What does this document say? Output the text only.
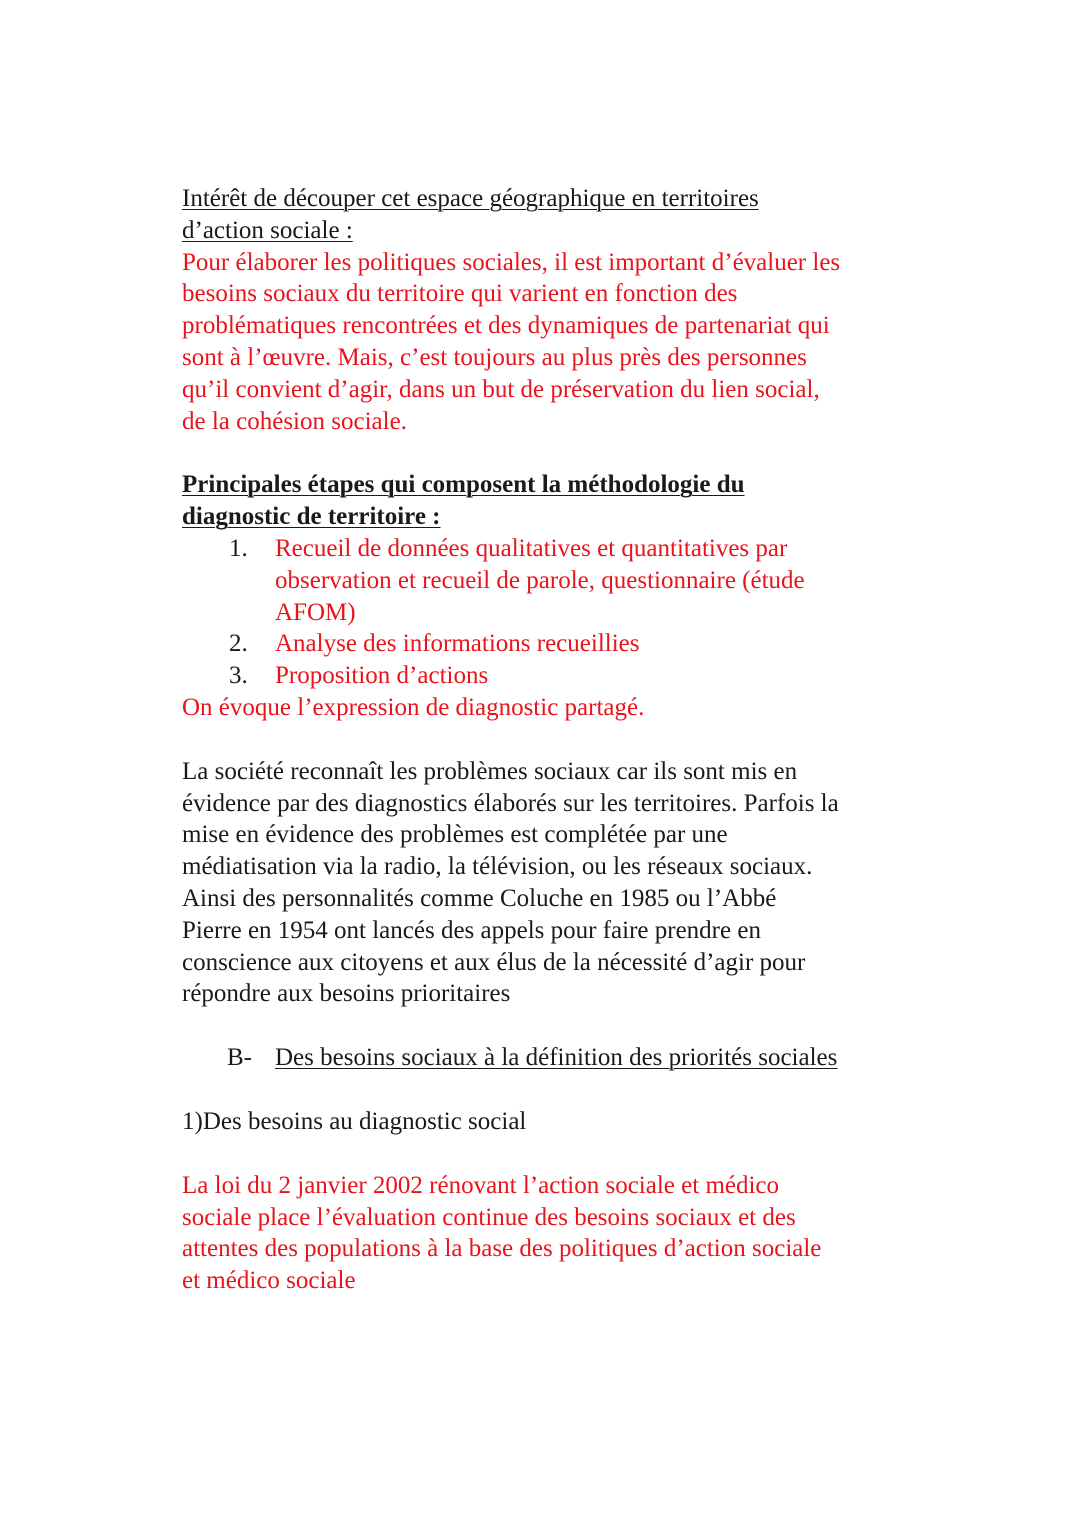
Intérêt de découper cet espace géographique en territoires
d’action sociale :

Pour élaborer les politiques sociales, il est important d’évaluer les
besoins sociaux du territoire qui varient en fonction des
problématiques rencontrées et des dynamiques de partenariat qui
sont à l’œuvre. Mais, c’est toujours au plus près des personnes
qu’il convient d’agir, dans un but de préservation du lien social,
de la cohésion sociale.

Principales étapes qui composent la méthodologie du
diagnostic de territoire :

1. Recueil de données qualitatives et quantitatives par
observation et recueil de parole, questionnaire (étude
AFOM)
2. Analyse des informations recueillies
3. Proposition d’actions

On évoque l’expression de diagnostic partagé.

La société reconnaît les problèmes sociaux car ils sont mis en
évidence par des diagnostics élaborés sur les territoires. Parfois la
mise en évidence des problèmes est complétée par une
médiatisation via la radio, la télévision, ou les réseaux sociaux.
Ainsi des personnalités comme Coluche en 1985 ou l’Abbé
Pierre en 1954 ont lancés des appels pour faire prendre en
conscience aux citoyens et aux élus de la nécessité d’agir pour
répondre aux besoins prioritaires

B- Des besoins sociaux à la définition des priorités sociales

1)Des besoins au diagnostic social

La loi du 2 janvier 2002 rénovant l’action sociale et médico
sociale place l’évaluation continue des besoins sociaux et des
attentes des populations à la base des politiques d’action sociale
et médico sociale
